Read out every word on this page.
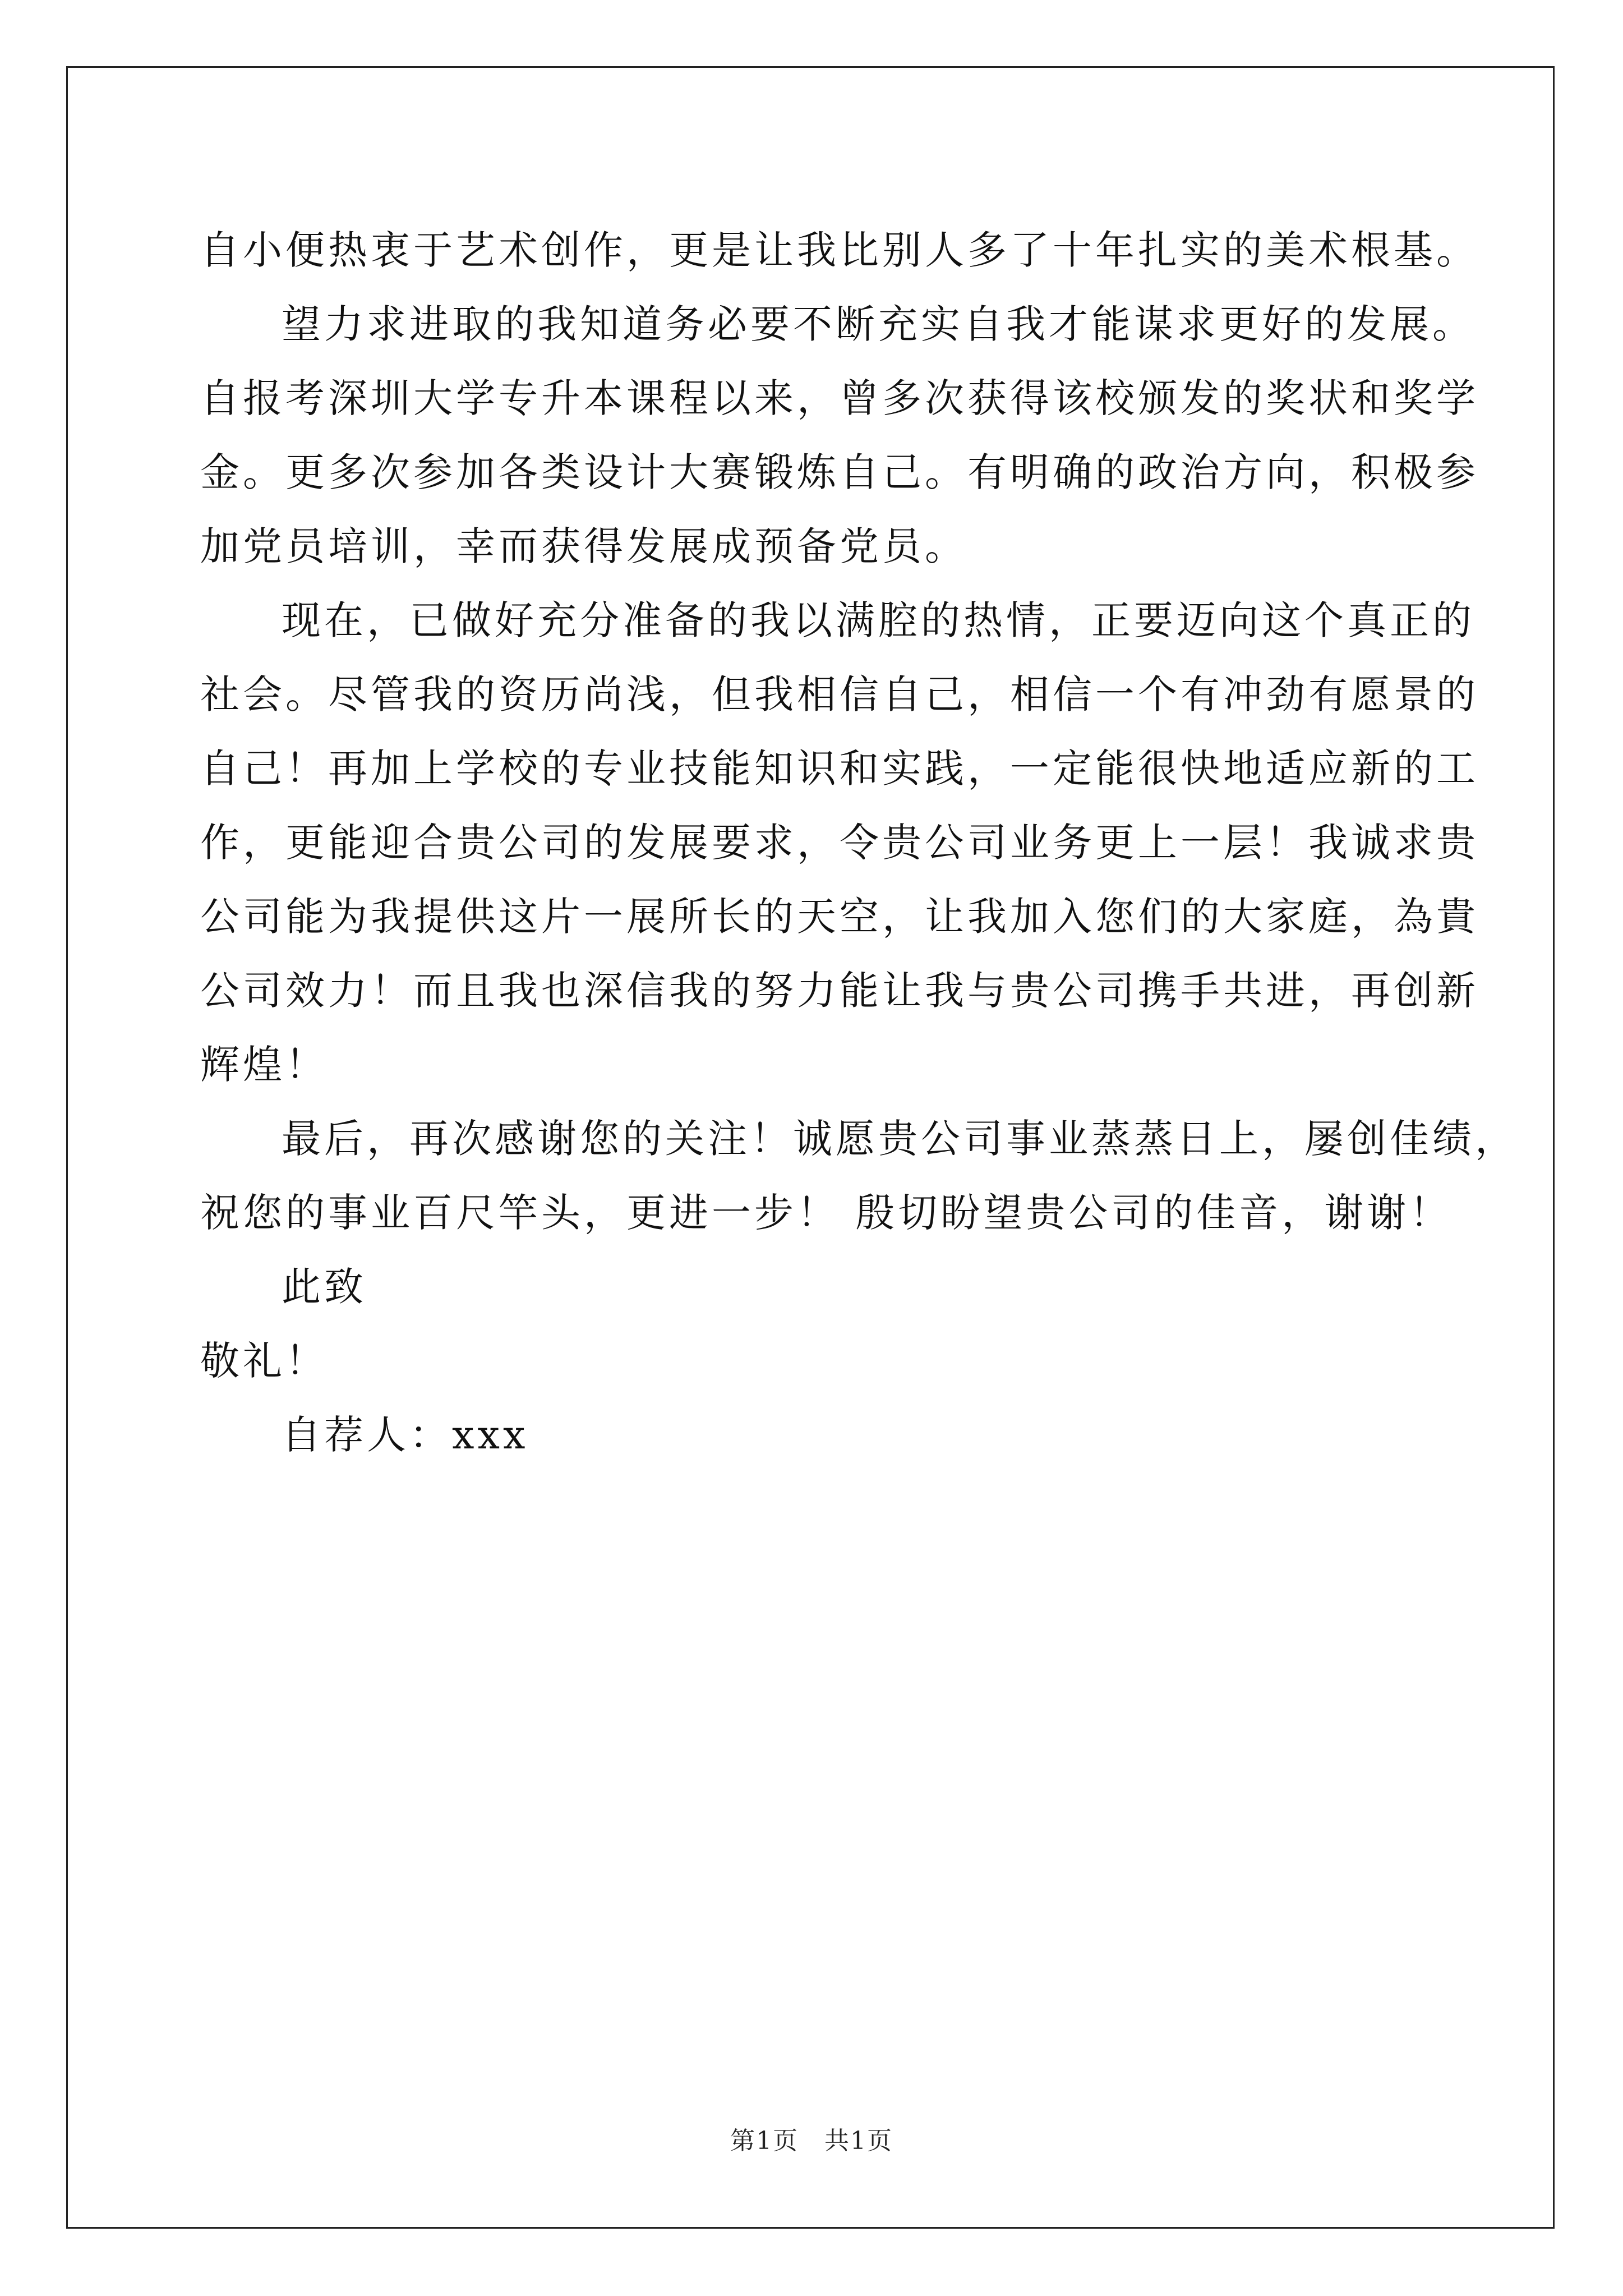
自小便热衷于艺术创作，更是让我比别人多了十年扎实的美术根基。

望力求进取的我知道务必要不断充实自我才能谋求更好的发展。

自报考深圳大学专升本课程以来，曾多次获得该校颁发的奖状和奖学

金。更多次参加各类设计大赛锻炼自己。有明确的政治方向，积极参

加党员培训，幸而获得发展成预备党员。

现在，已做好充分准备的我以满腔的热情，正要迈向这个真正的

社会。尽管我的资历尚浅，但我相信自己，相信一个有冲劲有愿景的

自己！再加上学校的专业技能知识和实践，一定能很快地适应新的工

作，更能迎合贵公司的发展要求，令贵公司业务更上一层！我诚求贵

公司能为我提供这片一展所长的天空，让我加入您们的大家庭，為貴

公司效力！而且我也深信我的努力能让我与贵公司携手共进，再创新

辉煌！

最后，再次感谢您的关注！诚愿贵公司事业蒸蒸日上，屡创佳绩，

祝您的事业百尺竿头，更进一步！ 殷切盼望贵公司的佳音，谢谢！

此致

敬礼！

自荐人：xxx

第1页　共1页
